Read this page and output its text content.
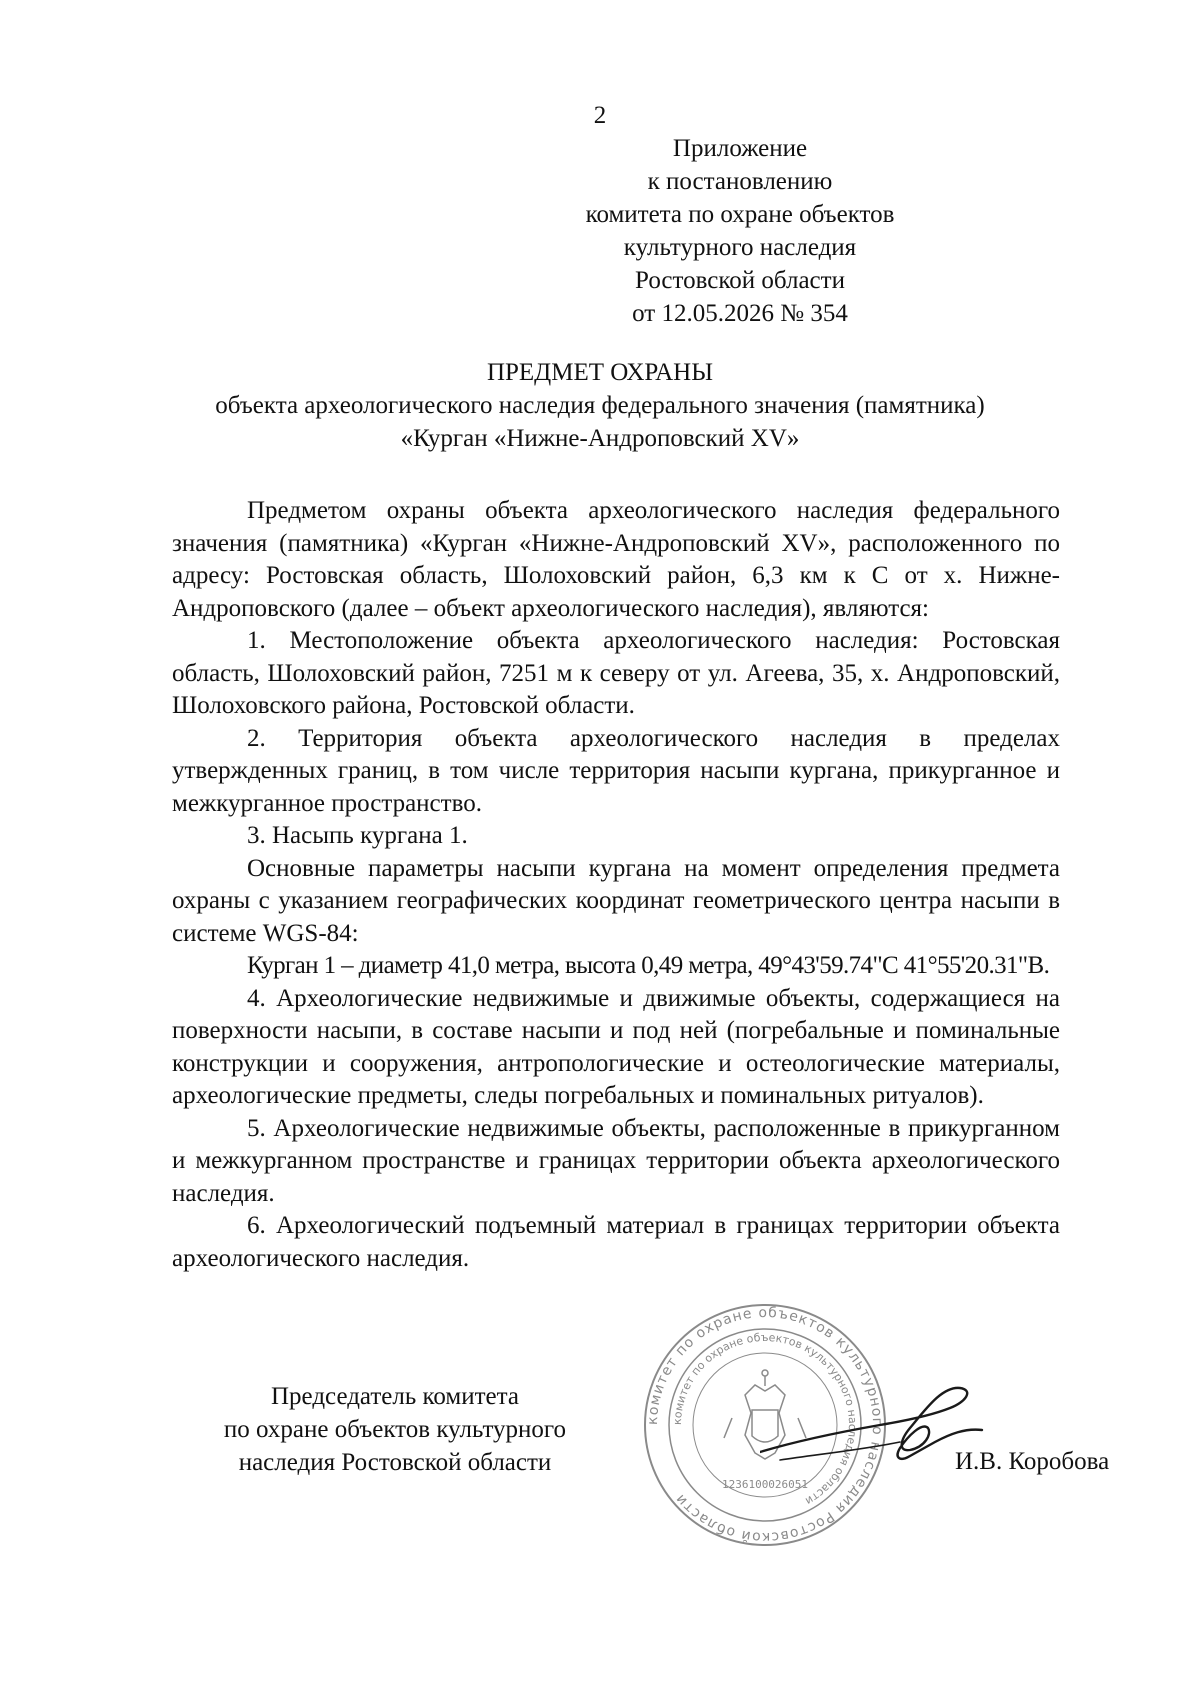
2
Приложение
к постановлению
комитета по охране объектов
культурного наследия
Ростовской области
от 12.05.2026 № 354
ПРЕДМЕТ ОХРАНЫ
объекта археологического наследия федерального значения (памятника)
«Курган «Нижне-Андроповский XV»

Предметом охраны объекта археологического наследия федерального значения (памятника) «Курган «Нижне-Андроповский XV», расположенного по адресу: Ростовская область, Шолоховский район, 6,3 км к С от х. Нижне-Андроповского (далее – объект археологического наследия), являются:

1. Местоположение объекта археологического наследия: Ростовская область, Шолоховский район, 7251 м к северу от ул. Агеева, 35, х. Андроповский, Шолоховского района, Ростовской области.

2. Территория объекта археологического наследия в пределах утвержденных границ, в том числе территория насыпи кургана, прикурганное и межкурганное пространство.

3. Насыпь кургана 1.

Основные параметры насыпи кургана на момент определения предмета охраны с указанием географических координат геометрического центра насыпи в системе WGS-84:

Курган 1 – диаметр 41,0 метра, высота 0,49 метра, 49°43'59.74"С 41°55'20.31"В.

4. Археологические недвижимые и движимые объекты, содержащиеся на поверхности насыпи, в составе насыпи и под ней (погребальные и поминальные конструкции и сооружения, антропологические и остеологические материалы, археологические предметы, следы погребальных и поминальных ритуалов).

5. Археологические недвижимые объекты, расположенные в прикурганном и межкурганном пространстве и границах территории объекта археологического наследия.

6. Археологический подъемный материал в границах территории объекта археологического наследия.

комитет по охране объектов культурного наследия Ростовской области
комитет по охране объектов культурного наследия области
1236100026051
Председатель комитета
по охране объектов культурного
наследия Ростовской области	И.В. Коробова
